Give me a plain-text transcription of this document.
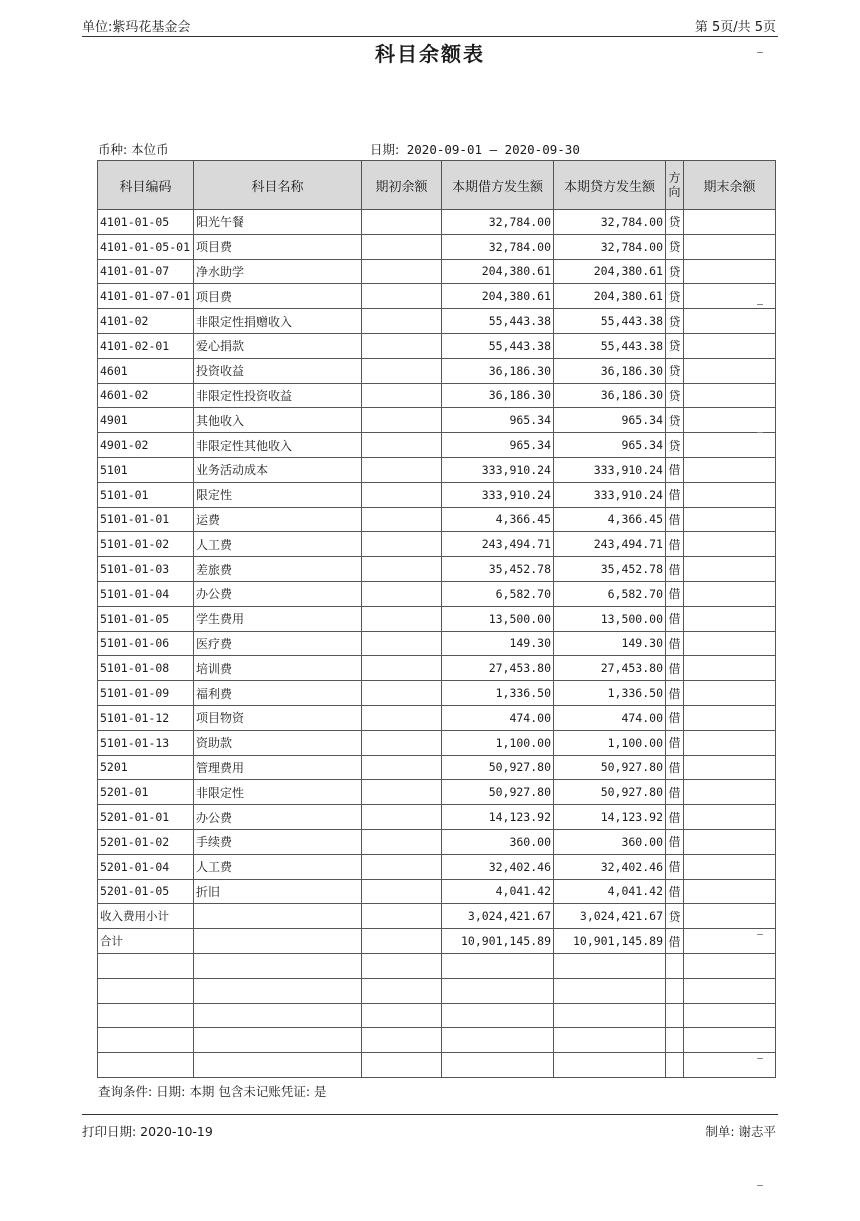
单位:紫玛花基金会	第 5页/共 5页
科目余额表
币种: 本位币	日期: 2020-09-01 — 2020-09-30
科目编码	科目名称	期初余额	本期借方发生额	本期贷方发生额	方向	期末余额
4101-01-05	阳光午餐		32,784.00	32,784.00	贷	
4101-01-05-01	项目费		32,784.00	32,784.00	贷	
4101-01-07	净水助学		204,380.61	204,380.61	贷	
4101-01-07-01	项目费		204,380.61	204,380.61	贷	
4101-02	非限定性捐赠收入		55,443.38	55,443.38	贷	
4101-02-01	爱心捐款		55,443.38	55,443.38	贷	
4601	投资收益		36,186.30	36,186.30	贷	
4601-02	非限定性投资收益		36,186.30	36,186.30	贷	
4901	其他收入		965.34	965.34	贷	
4901-02	非限定性其他收入		965.34	965.34	贷	
5101	业务活动成本		333,910.24	333,910.24	借	
5101-01	限定性		333,910.24	333,910.24	借	
5101-01-01	运费		4,366.45	4,366.45	借	
5101-01-02	人工费		243,494.71	243,494.71	借	
5101-01-03	差旅费		35,452.78	35,452.78	借	
5101-01-04	办公费		6,582.70	6,582.70	借	
5101-01-05	学生费用		13,500.00	13,500.00	借	
5101-01-06	医疗费		149.30	149.30	借	
5101-01-08	培训费		27,453.80	27,453.80	借	
5101-01-09	福利费		1,336.50	1,336.50	借	
5101-01-12	项目物资		474.00	474.00	借	
5101-01-13	资助款		1,100.00	1,100.00	借	
5201	管理费用		50,927.80	50,927.80	借	
5201-01	非限定性		50,927.80	50,927.80	借	
5201-01-01	办公费		14,123.92	14,123.92	借	
5201-01-02	手续费		360.00	360.00	借	
5201-01-04	人工费		32,402.46	32,402.46	借	
5201-01-05	折旧		4,041.42	4,041.42	借	
收入费用小计			3,024,421.67	3,024,421.67	贷	
合计			10,901,145.89	10,901,145.89	借	

查询条件: 日期: 本期 包含未记账凭证: 是
打印日期: 2020-10-19	制单: 谢志平
